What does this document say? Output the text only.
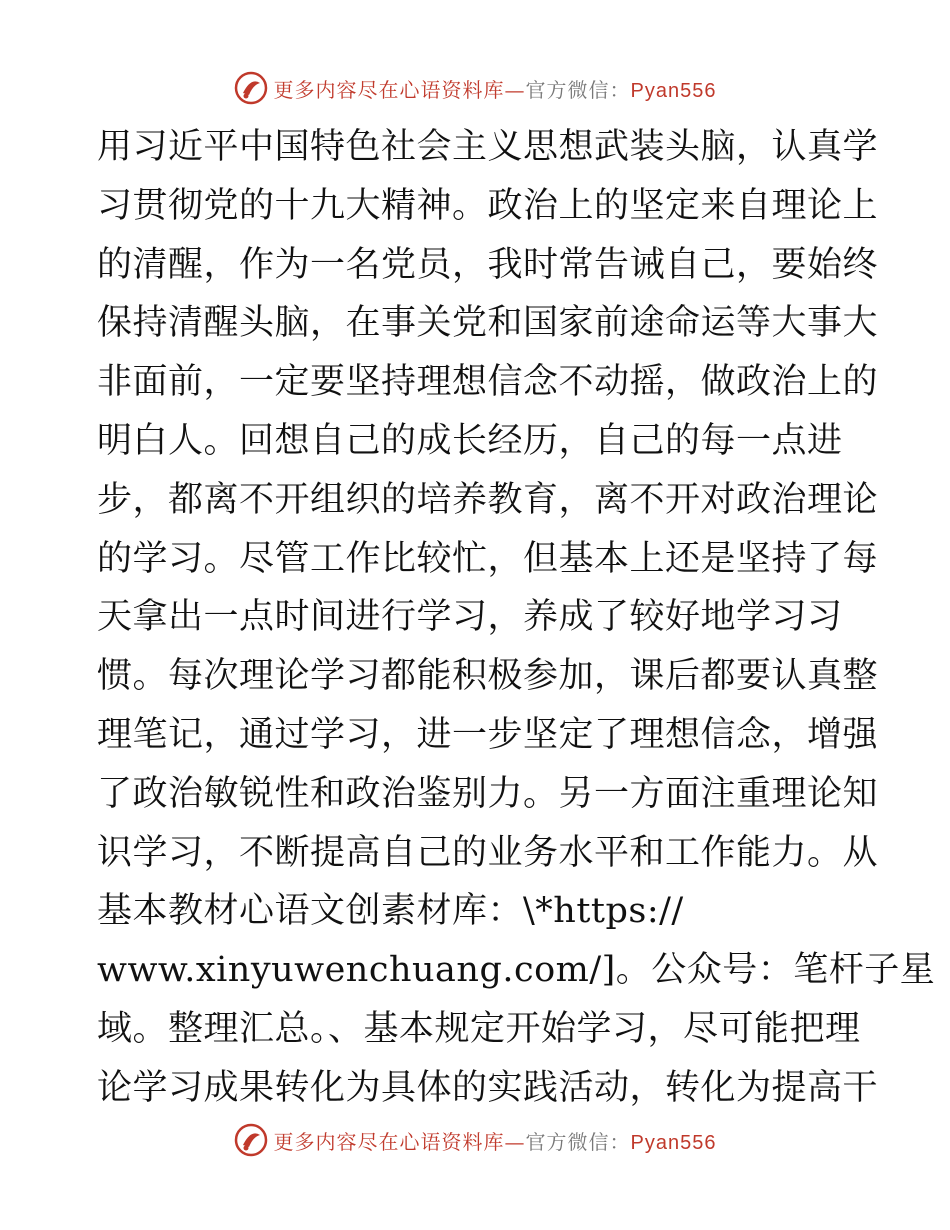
更多内容尽在心语资料库—官方微信：Pyan556
用习近平中国特色社会主义思想武装头脑，认真学
习贯彻党的十九大精神。政治上的坚定来自理论上
的清醒，作为一名党员，我时常告诫自己，要始终
保持清醒头脑，在事关党和国家前途命运等大事大
非面前，一定要坚持理想信念不动摇，做政治上的
明白人。回想自己的成长经历，自己的每一点进
步，都离不开组织的培养教育，离不开对政治理论
的学习。尽管工作比较忙，但基本上还是坚持了每
天拿出一点时间进行学习，养成了较好地学习习
惯。每次理论学习都能积极参加，课后都要认真整
理笔记，通过学习，进一步坚定了理想信念，增强
了政治敏锐性和政治鉴别力。另一方面注重理论知
识学习，不断提高自己的业务水平和工作能力。从
基本教材心语文创素材库：\*https://
www.xinyuwenchuang.com/]。公众号：笔杆子星
域。整理汇总。、基本规定开始学习，尽可能把理
论学习成果转化为具体的实践活动，转化为提高干
更多内容尽在心语资料库—官方微信：Pyan556
